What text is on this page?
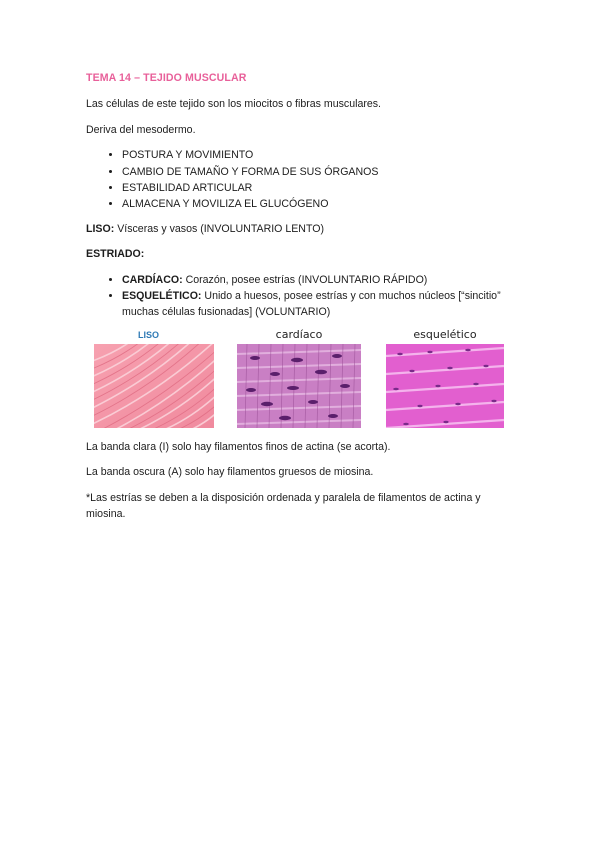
TEMA 14 – TEJIDO MUSCULAR

Las células de este tejido son los miocitos o fibras musculares.

Deriva del mesodermo.

• POSTURA Y MOVIMIENTO
• CAMBIO DE TAMAÑO Y FORMA DE SUS ÓRGANOS
• ESTABILIDAD ARTICULAR
• ALMACENA Y MOVILIZA EL GLUCÓGENO

LISO: Vísceras y vasos (INVOLUNTARIO LENTO)

ESTRIADO:

• CARDÍACO: Corazón, posee estrías (INVOLUNTARIO RÁPIDO)
• ESQUELÉTICO: Unido a huesos, posee estrías y con muchos núcleos [“sincitio” muchas células fusionadas] (VOLUNTARIO)
LISO	cardíaco	esquelético

La banda clara (I) solo hay filamentos finos de actina (se acorta).

La banda oscura (A) solo hay filamentos gruesos de miosina.

*Las estrías se deben a la disposición ordenada y paralela de filamentos de actina y miosina.
